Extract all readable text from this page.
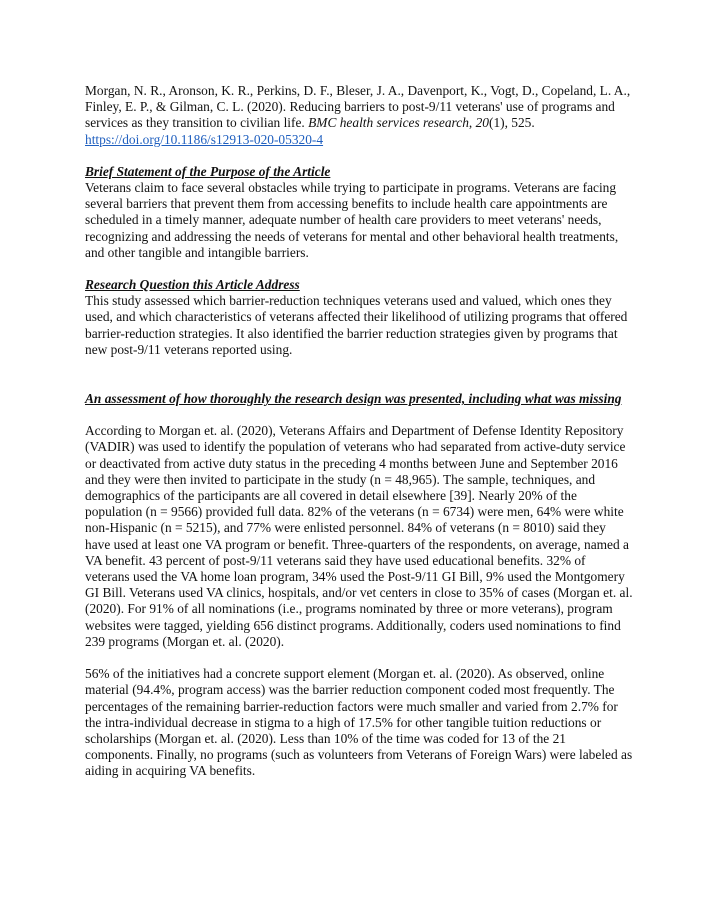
Morgan, N. R., Aronson, K. R., Perkins, D. F., Bleser, J. A., Davenport, K., Vogt, D., Copeland, L. A., Finley, E. P., & Gilman, C. L. (2020). Reducing barriers to post-9/11 veterans' use of programs and services as they transition to civilian life. BMC health services research, 20(1), 525. https://doi.org/10.1186/s12913-020-05320-4

Brief Statement of the Purpose of the Article

Veterans claim to face several obstacles while trying to participate in programs. Veterans are facing several barriers that prevent them from accessing benefits to include health care appointments are scheduled in a timely manner, adequate number of health care providers to meet veterans' needs, recognizing and addressing the needs of veterans for mental and other behavioral health treatments, and other tangible and intangible barriers.

Research Question this Article Address

This study assessed which barrier-reduction techniques veterans used and valued, which ones they used, and which characteristics of veterans affected their likelihood of utilizing programs that offered barrier-reduction strategies. It also identified the barrier reduction strategies given by programs that new post-9/11 veterans reported using.

An assessment of how thoroughly the research design was presented, including what was missing

According to Morgan et. al. (2020), Veterans Affairs and Department of Defense Identity Repository (VADIR) was used to identify the population of veterans who had separated from active-duty service or deactivated from active duty status in the preceding 4 months between June and September 2016 and they were then invited to participate in the study (n = 48,965). The sample, techniques, and demographics of the participants are all covered in detail elsewhere [39]. Nearly 20% of the population (n = 9566) provided full data. 82% of the veterans (n = 6734) were men, 64% were white non-Hispanic (n = 5215), and 77% were enlisted personnel. 84% of veterans (n = 8010) said they have used at least one VA program or benefit. Three-quarters of the respondents, on average, named a VA benefit. 43 percent of post-9/11 veterans said they have used educational benefits. 32% of veterans used the VA home loan program, 34% used the Post-9/11 GI Bill, 9% used the Montgomery GI Bill. Veterans used VA clinics, hospitals, and/or vet centers in close to 35% of cases (Morgan et. al. (2020). For 91% of all nominations (i.e., programs nominated by three or more veterans), program websites were tagged, yielding 656 distinct programs. Additionally, coders used nominations to find 239 programs (Morgan et. al. (2020).

56% of the initiatives had a concrete support element (Morgan et. al. (2020). As observed, online material (94.4%, program access) was the barrier reduction component coded most frequently. The percentages of the remaining barrier-reduction factors were much smaller and varied from 2.7% for the intra-individual decrease in stigma to a high of 17.5% for other tangible tuition reductions or scholarships (Morgan et. al. (2020). Less than 10% of the time was coded for 13 of the 21 components. Finally, no programs (such as volunteers from Veterans of Foreign Wars) were labeled as aiding in acquiring VA benefits.
